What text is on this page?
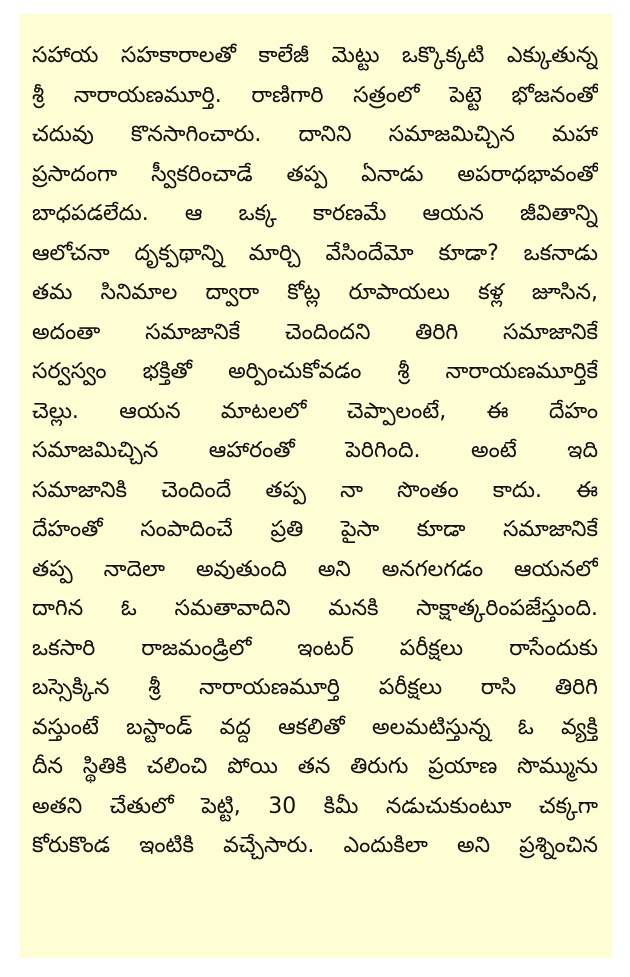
సహాయ సహకారాలతో కాలేజీ మెట్టు ఒక్కొక్కటి ఎక్కుతున్న
శ్రీ నారాయణమూర్తి. రాణిగారి సత్రంలో పెట్టె భోజనంతో
చదువు కొనసాగించారు. దానిని సమాజమిచ్చిన మహా
ప్రసాదంగా స్వీకరించాడే తప్ప ఏనాడు అపరాధభావంతో
బాధపడలేదు. ఆ ఒక్క కారణమే ఆయన జీవితాన్ని
ఆలోచనా దృక్పథాన్ని మార్చి వేసిందేమో కూడా? ఒకనాడు
తమ సినిమాల ద్వారా కోట్ల రూపాయలు కళ్ల జూసిన,
అదంతా సమాజానికే చెందిందని తిరిగి సమాజానికే
సర్వస్వం భక్తితో అర్పించుకోవడం శ్రీ నారాయణమూర్తికే
చెల్లు. ఆయన మాటలలో చెప్పాలంటే, ఈ దేహం
సమాజమిచ్చిన ఆహారంతో పెరిగింది. అంటే ఇది
సమాజానికి చెందిందే తప్ప నా సొంతం కాదు. ఈ
దేహంతో సంపాదించే ప్రతి పైసా కూడా సమాజానికే
తప్ప నాదెలా అవుతుంది అని అనగలగడం ఆయనలో
దాగిన ఓ సమతావాదిని మనకి సాక్షాత్కరింపజేస్తుంది.
ఒకసారి రాజమండ్రిలో ఇంటర్ పరీక్షలు రాసేందుకు
బస్సెక్కిన శ్రీ నారాయణమూర్తి పరీక్షలు రాసి తిరిగి
వస్తుంటే బస్టాండ్ వద్ద ఆకలితో అలమటిస్తున్న ఓ వ్యక్తి
దీన స్థితికి చలించి పోయి తన తిరుగు ప్రయాణ సొమ్మును
అతని చేతులో పెట్టి, 30 కిమీ నడుచుకుంటూ చక్కగా
కోరుకొండ ఇంటికి వచ్చేసారు. ఎందుకిలా అని ప్రశ్నించిన
